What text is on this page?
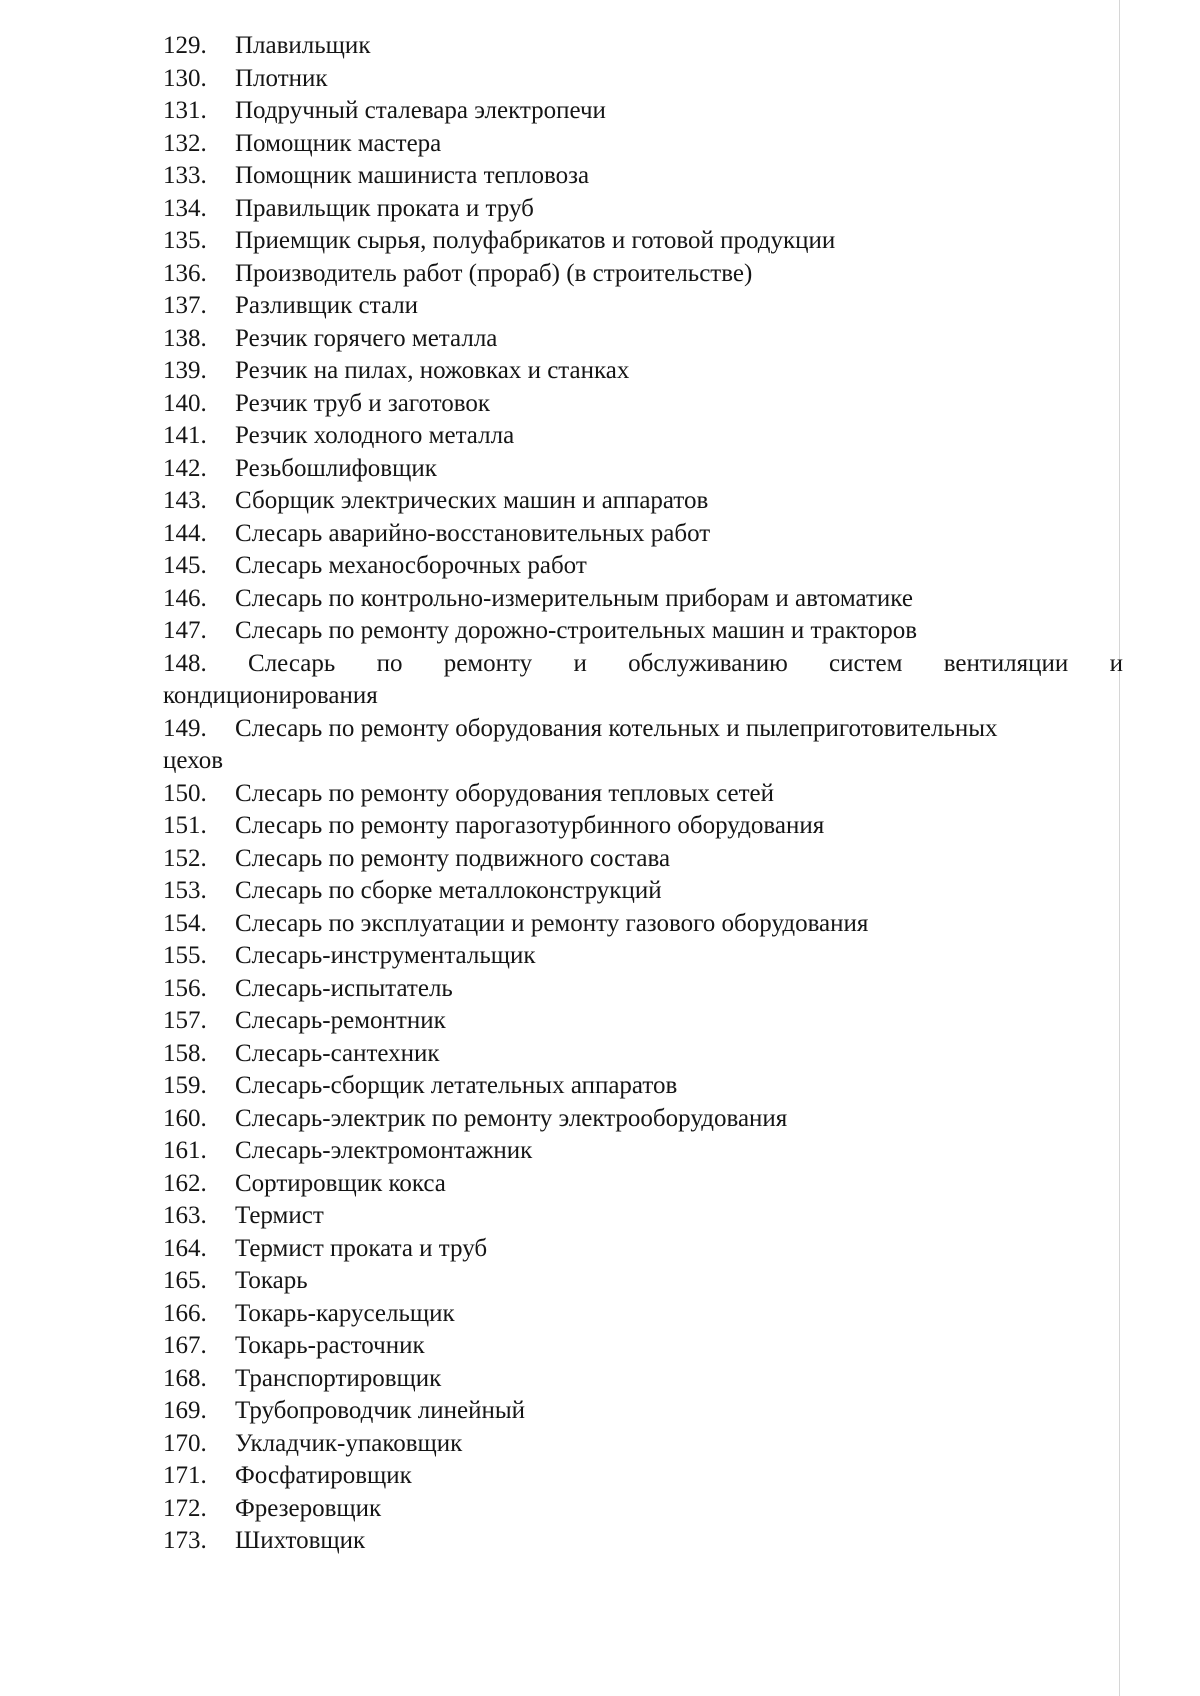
129. Плавильщик
130. Плотник
131. Подручный сталевара электропечи
132. Помощник мастера
133. Помощник машиниста тепловоза
134. Правильщик проката и труб
135. Приемщик сырья, полуфабрикатов и готовой продукции
136. Производитель работ (прораб) (в строительстве)
137. Разливщик стали
138. Резчик горячего металла
139. Резчик на пилах, ножовках и станках
140. Резчик труб и заготовок
141. Резчик холодного металла
142. Резьбошлифовщик
143. Сборщик электрических машин и аппаратов
144. Слесарь аварийно-восстановительных работ
145. Слесарь механосборочных работ
146. Слесарь по контрольно-измерительным приборам и автоматике
147. Слесарь по ремонту дорожно-строительных машин и тракторов
148. Слесарь по ремонту и обслуживанию систем вентиляции и
кондиционирования
149. Слесарь по ремонту оборудования котельных и пылеприготовительных
цехов
150. Слесарь по ремонту оборудования тепловых сетей
151. Слесарь по ремонту парогазотурбинного оборудования
152. Слесарь по ремонту подвижного состава
153. Слесарь по сборке металлоконструкций
154. Слесарь по эксплуатации и ремонту газового оборудования
155. Слесарь-инструментальщик
156. Слесарь-испытатель
157. Слесарь-ремонтник
158. Слесарь-сантехник
159. Слесарь-сборщик летательных аппаратов
160. Слесарь-электрик по ремонту электрооборудования
161. Слесарь-электромонтажник
162. Сортировщик кокса
163. Термист
164. Термист проката и труб
165. Токарь
166. Токарь-карусельщик
167. Токарь-расточник
168. Транспортировщик
169. Трубопроводчик линейный
170. Укладчик-упаковщик
171. Фосфатировщик
172. Фрезеровщик
173. Шихтовщик
